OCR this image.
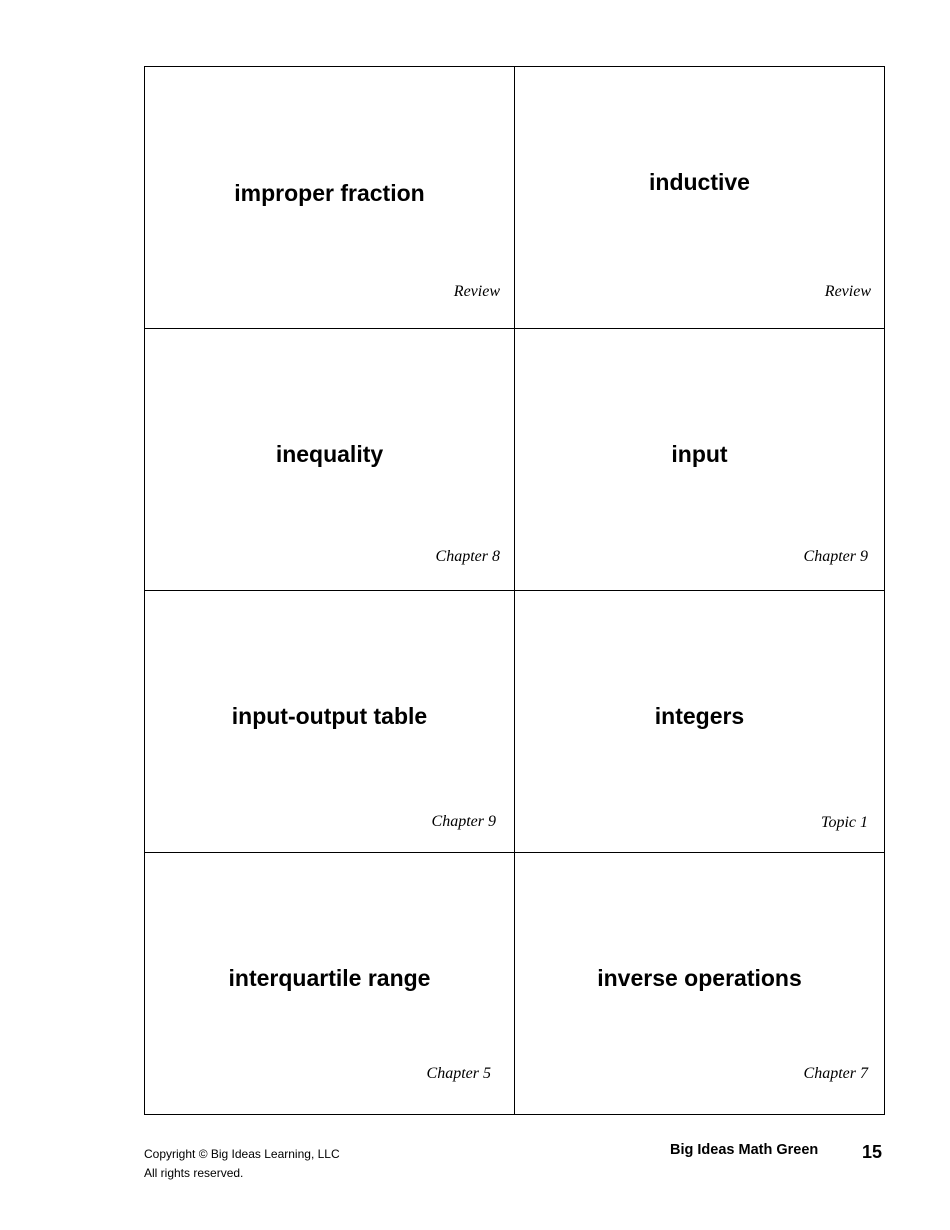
improper fraction
Review
inductive
Review
inequality
Chapter 8
input
Chapter 9
input-output table
Chapter 9
integers
Topic 1
interquartile range
Chapter 5
inverse operations
Chapter 7
Copyright © Big Ideas Learning, LLC
All rights reserved.
Big Ideas Math Green 15
